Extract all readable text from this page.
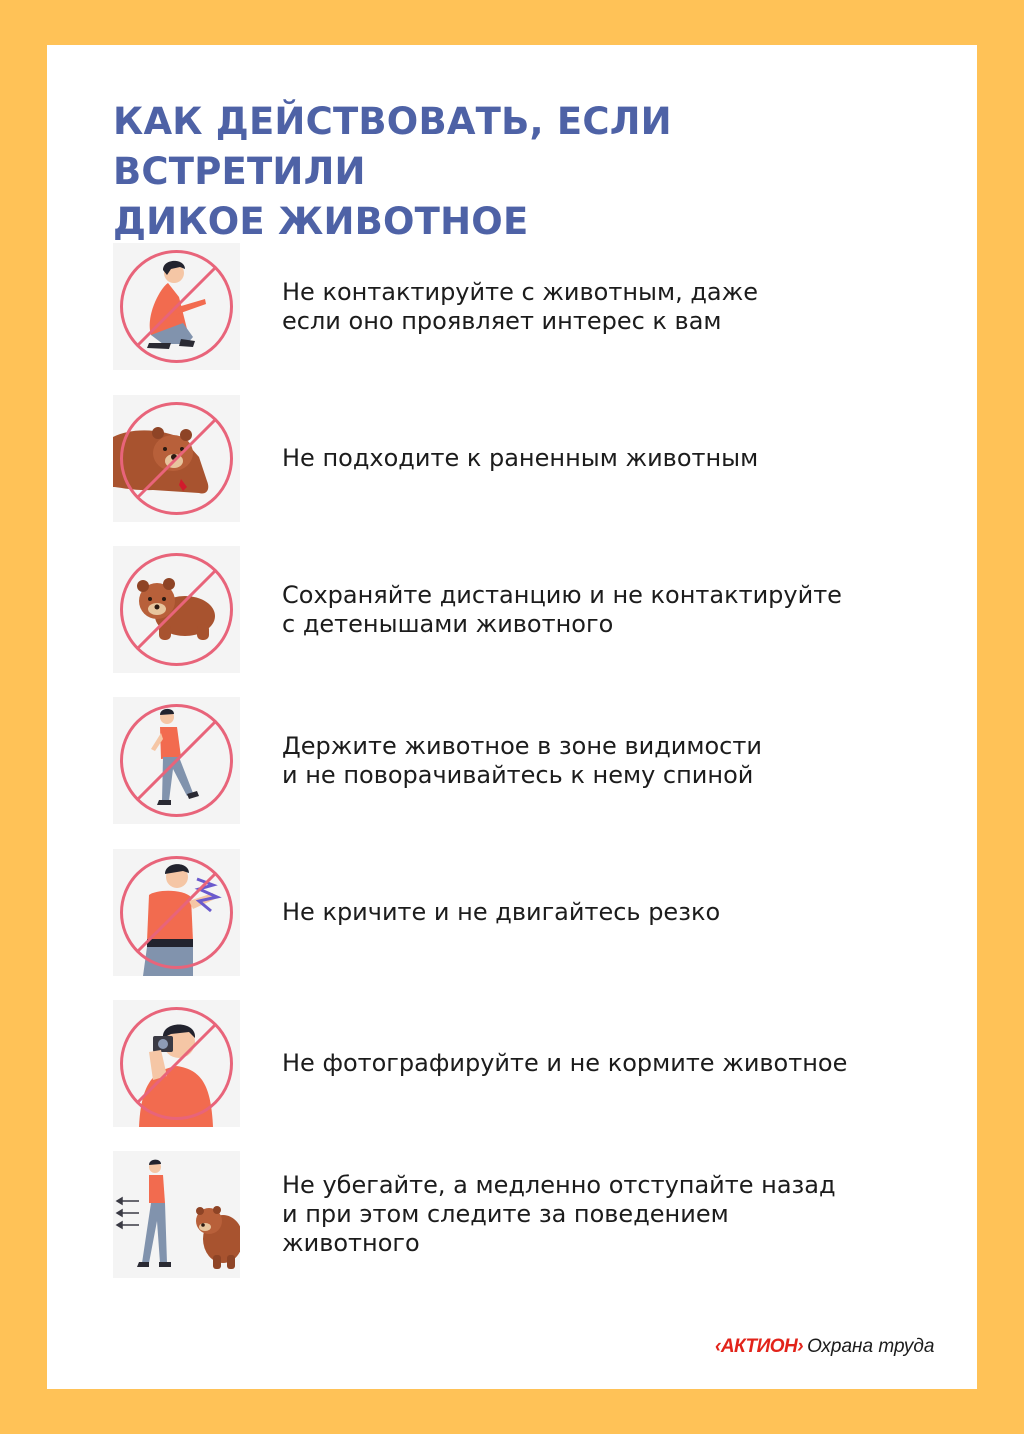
КАК ДЕЙСТВОВАТЬ, ЕСЛИ ВСТРЕТИЛИ
ДИКОЕ ЖИВОТНОЕ
Не контактируйте с животным, даже
если оно проявляет интерес к вам
Не подходите к раненным животным
Сохраняйте дистанцию и не контактируйте
с детенышами животного
Держите животное в зоне видимости
и не поворачивайтесь к нему спиной
Не кричите и не двигайтесь резко
Не фотографируйте и не кормите животное
Не убегайте, а медленно отступайте назад
и при этом следите за поведением
животного
‹АКТИОН› Охрана труда
